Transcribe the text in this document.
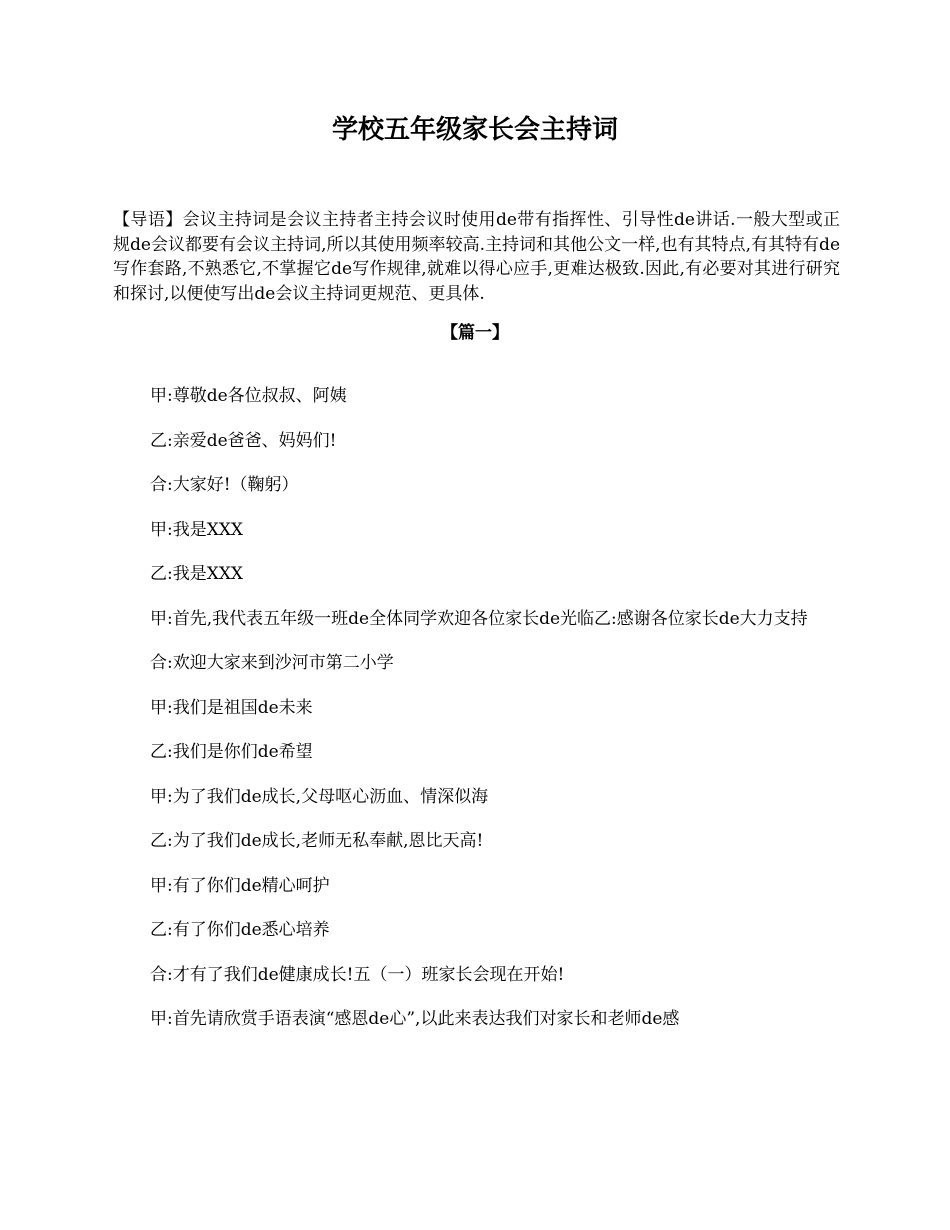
学校五年级家长会主持词
【导语】会议主持词是会议主持者主持会议时使用de带有指挥性、引导性de讲话.一般大型或正规de会议都要有会议主持词,所以其使用频率较高.主持词和其他公文一样,也有其特点,有其特有de写作套路,不熟悉它,不掌握它de写作规律,就难以得心应手,更难达极致.因此,有必要对其进行研究和探讨,以便使写出de会议主持词更规范、更具体.
【篇一】

甲:尊敬de各位叔叔、阿姨

乙:亲爱de爸爸、妈妈们!

合:大家好!（鞠躬）

甲:我是XXX

乙:我是XXX

甲:首先,我代表五年级一班de全体同学欢迎各位家长de光临乙:感谢各位家长de大力支持

合:欢迎大家来到沙河市第二小学

甲:我们是祖国de未来

乙:我们是你们de希望

甲:为了我们de成长,父母呕心沥血、情深似海

乙:为了我们de成长,老师无私奉献,恩比天高!

甲:有了你们de精心呵护

乙:有了你们de悉心培养

合:才有了我们de健康成长!五（一）班家长会现在开始!

甲:首先请欣赏手语表演“感恩de心”,以此来表达我们对家长和老师de感
